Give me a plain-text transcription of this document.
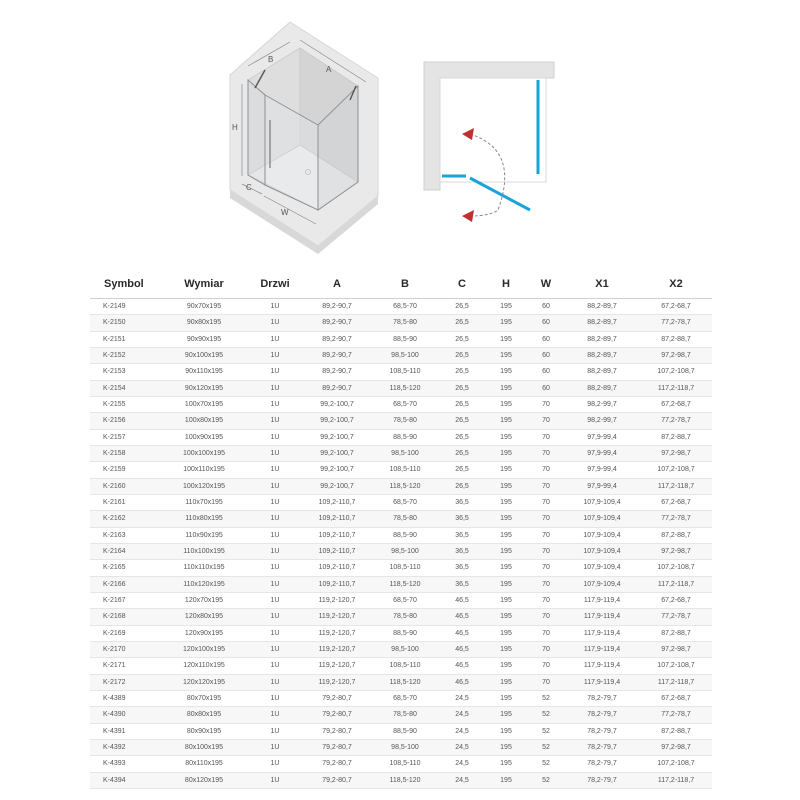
B
A
H
C
W
Symbol	Wymiar	Drzwi	A	B	C	H	W	X1	X2
K-2149	90x70x195	1U	89,2-90,7	68,5-70	26,5	195	60	88,2-89,7	67,2-68,7
K-2150	90x80x195	1U	89,2-90,7	78,5-80	26,5	195	60	88,2-89,7	77,2-78,7
K-2151	90x90x195	1U	89,2-90,7	88,5-90	26,5	195	60	88,2-89,7	87,2-88,7
K-2152	90x100x195	1U	89,2-90,7	98,5-100	26,5	195	60	88,2-89,7	97,2-98,7
K-2153	90x110x195	1U	89,2-90,7	108,5-110	26,5	195	60	88,2-89,7	107,2-108,7
K-2154	90x120x195	1U	89,2-90,7	118,5-120	26,5	195	60	88,2-89,7	117,2-118,7
K-2155	100x70x195	1U	99,2-100,7	68,5-70	26,5	195	70	98,2-99,7	67,2-68,7
K-2156	100x80x195	1U	99,2-100,7	78,5-80	26,5	195	70	98,2-99,7	77,2-78,7
K-2157	100x90x195	1U	99,2-100,7	88,5-90	26,5	195	70	97,9-99,4	87,2-88,7
K-2158	100x100x195	1U	99,2-100,7	98,5-100	26,5	195	70	97,9-99,4	97,2-98,7
K-2159	100x110x195	1U	99,2-100,7	108,5-110	26,5	195	70	97,9-99,4	107,2-108,7
K-2160	100x120x195	1U	99,2-100,7	118,5-120	26,5	195	70	97,9-99,4	117,2-118,7
K-2161	110x70x195	1U	109,2-110,7	68,5-70	36,5	195	70	107,9-109,4	67,2-68,7
K-2162	110x80x195	1U	109,2-110,7	78,5-80	36,5	195	70	107,9-109,4	77,2-78,7
K-2163	110x90x195	1U	109,2-110,7	88,5-90	36,5	195	70	107,9-109,4	87,2-88,7
K-2164	110x100x195	1U	109,2-110,7	98,5-100	36,5	195	70	107,9-109,4	97,2-98,7
K-2165	110x110x195	1U	109,2-110,7	108,5-110	36,5	195	70	107,9-109,4	107,2-108,7
K-2166	110x120x195	1U	109,2-110,7	118,5-120	36,5	195	70	107,9-109,4	117,2-118,7
K-2167	120x70x195	1U	119,2-120,7	68,5-70	46,5	195	70	117,9-119,4	67,2-68,7
K-2168	120x80x195	1U	119,2-120,7	78,5-80	46,5	195	70	117,9-119,4	77,2-78,7
K-2169	120x90x195	1U	119,2-120,7	88,5-90	46,5	195	70	117,9-119,4	87,2-88,7
K-2170	120x100x195	1U	119,2-120,7	98,5-100	46,5	195	70	117,9-119,4	97,2-98,7
K-2171	120x110x195	1U	119,2-120,7	108,5-110	46,5	195	70	117,9-119,4	107,2-108,7
K-2172	120x120x195	1U	119,2-120,7	118,5-120	46,5	195	70	117,9-119,4	117,2-118,7
K-4389	80x70x195	1U	79,2-80,7	68,5-70	24,5	195	52	78,2-79,7	67,2-68,7
K-4390	80x80x195	1U	79,2-80,7	78,5-80	24,5	195	52	78,2-79,7	77,2-78,7
K-4391	80x90x195	1U	79,2-80,7	88,5-90	24,5	195	52	78,2-79,7	87,2-88,7
K-4392	80x100x195	1U	79,2-80,7	98,5-100	24,5	195	52	78,2-79,7	97,2-98,7
K-4393	80x110x195	1U	79,2-80,7	108,5-110	24,5	195	52	78,2-79,7	107,2-108,7
K-4394	80x120x195	1U	79,2-80,7	118,5-120	24,5	195	52	78,2-79,7	117,2-118,7
